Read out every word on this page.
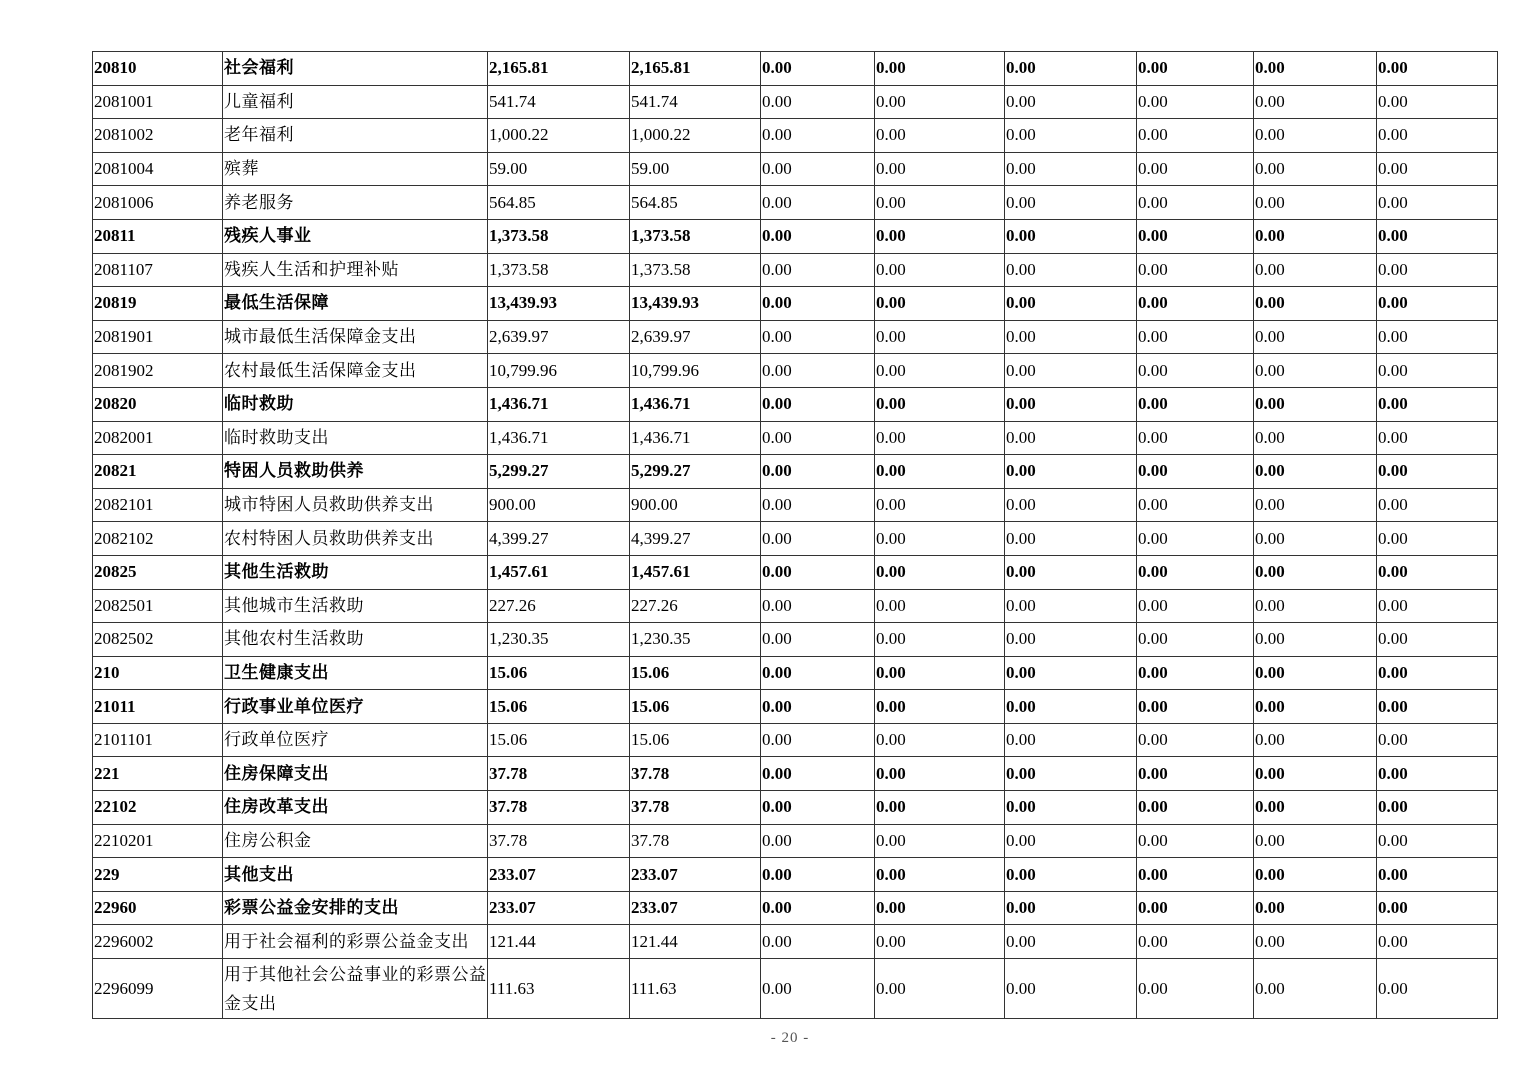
20810	社会福利	2,165.81	2,165.81	0.00	0.00	0.00	0.00	0.00	0.00
2081001	儿童福利	541.74	541.74	0.00	0.00	0.00	0.00	0.00	0.00
2081002	老年福利	1,000.22	1,000.22	0.00	0.00	0.00	0.00	0.00	0.00
2081004	殡葬	59.00	59.00	0.00	0.00	0.00	0.00	0.00	0.00
2081006	养老服务	564.85	564.85	0.00	0.00	0.00	0.00	0.00	0.00
20811	残疾人事业	1,373.58	1,373.58	0.00	0.00	0.00	0.00	0.00	0.00
2081107	残疾人生活和护理补贴	1,373.58	1,373.58	0.00	0.00	0.00	0.00	0.00	0.00
20819	最低生活保障	13,439.93	13,439.93	0.00	0.00	0.00	0.00	0.00	0.00
2081901	城市最低生活保障金支出	2,639.97	2,639.97	0.00	0.00	0.00	0.00	0.00	0.00
2081902	农村最低生活保障金支出	10,799.96	10,799.96	0.00	0.00	0.00	0.00	0.00	0.00
20820	临时救助	1,436.71	1,436.71	0.00	0.00	0.00	0.00	0.00	0.00
2082001	临时救助支出	1,436.71	1,436.71	0.00	0.00	0.00	0.00	0.00	0.00
20821	特困人员救助供养	5,299.27	5,299.27	0.00	0.00	0.00	0.00	0.00	0.00
2082101	城市特困人员救助供养支出	900.00	900.00	0.00	0.00	0.00	0.00	0.00	0.00
2082102	农村特困人员救助供养支出	4,399.27	4,399.27	0.00	0.00	0.00	0.00	0.00	0.00
20825	其他生活救助	1,457.61	1,457.61	0.00	0.00	0.00	0.00	0.00	0.00
2082501	其他城市生活救助	227.26	227.26	0.00	0.00	0.00	0.00	0.00	0.00
2082502	其他农村生活救助	1,230.35	1,230.35	0.00	0.00	0.00	0.00	0.00	0.00
210	卫生健康支出	15.06	15.06	0.00	0.00	0.00	0.00	0.00	0.00
21011	行政事业单位医疗	15.06	15.06	0.00	0.00	0.00	0.00	0.00	0.00
2101101	行政单位医疗	15.06	15.06	0.00	0.00	0.00	0.00	0.00	0.00
221	住房保障支出	37.78	37.78	0.00	0.00	0.00	0.00	0.00	0.00
22102	住房改革支出	37.78	37.78	0.00	0.00	0.00	0.00	0.00	0.00
2210201	住房公积金	37.78	37.78	0.00	0.00	0.00	0.00	0.00	0.00
229	其他支出	233.07	233.07	0.00	0.00	0.00	0.00	0.00	0.00
22960	彩票公益金安排的支出	233.07	233.07	0.00	0.00	0.00	0.00	0.00	0.00
2296002	用于社会福利的彩票公益金支出	121.44	121.44	0.00	0.00	0.00	0.00	0.00	0.00
2296099	用于其他社会公益事业的彩票公益金支出	111.63	111.63	0.00	0.00	0.00	0.00	0.00	0.00
- 20 -
